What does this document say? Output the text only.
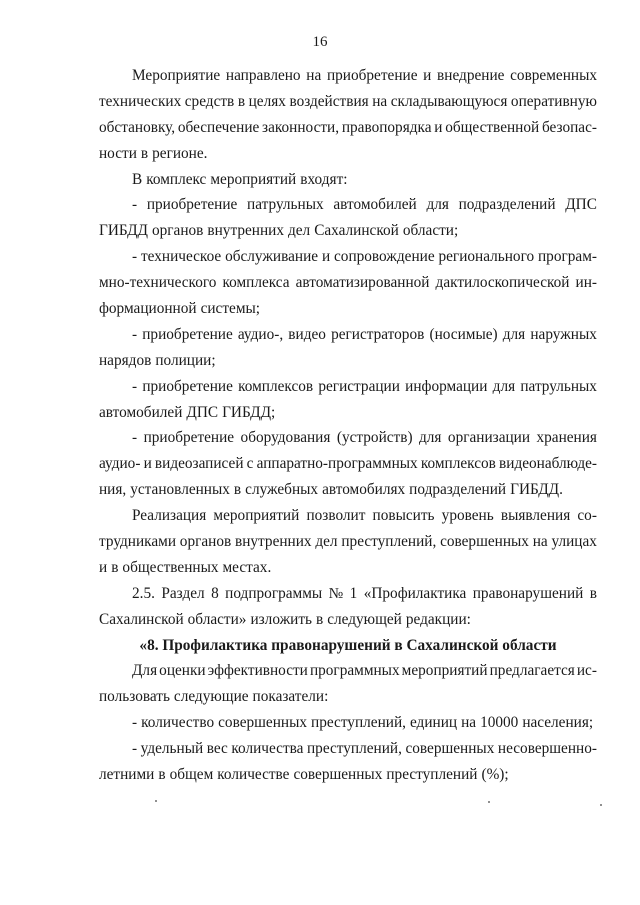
16
Мероприятие направлено на приобретение и внедрение современных
технических средств в целях воздействия на складывающуюся оперативную
обстановку, обеспечение законности, правопорядка и общественной безопас-
ности в регионе.
В комплекс мероприятий входят:
- приобретение патрульных автомобилей для подразделений ДПС
ГИБДД органов внутренних дел Сахалинской области;
- техническое обслуживание и сопровождение регионального програм-
мно-технического комплекса автоматизированной дактилоскопической ин-
формационной системы;
- приобретение аудио-, видео регистраторов (носимые) для наружных
нарядов полиции;
- приобретение комплексов регистрации информации для патрульных
автомобилей ДПС ГИБДД;
- приобретение оборудования (устройств) для организации хранения
аудио- и видеозаписей с аппаратно-программных комплексов видеонаблюде-
ния, установленных в служебных автомобилях подразделений ГИБДД.
Реализация мероприятий позволит повысить уровень выявления со-
трудниками органов внутренних дел преступлений, совершенных на улицах
и в общественных местах.
2.5. Раздел 8 подпрограммы № 1 «Профилактика правонарушений в
Сахалинской области» изложить в следующей редакции:
«8. Профилактика правонарушений в Сахалинской области
Для оценки эффективности программных мероприятий предлагается ис-
пользовать следующие показатели:
- количество совершенных преступлений, единиц на 10000 населения;
- удельный вес количества преступлений, совершенных несовершенно-
летними в общем количестве совершенных преступлений (%);
